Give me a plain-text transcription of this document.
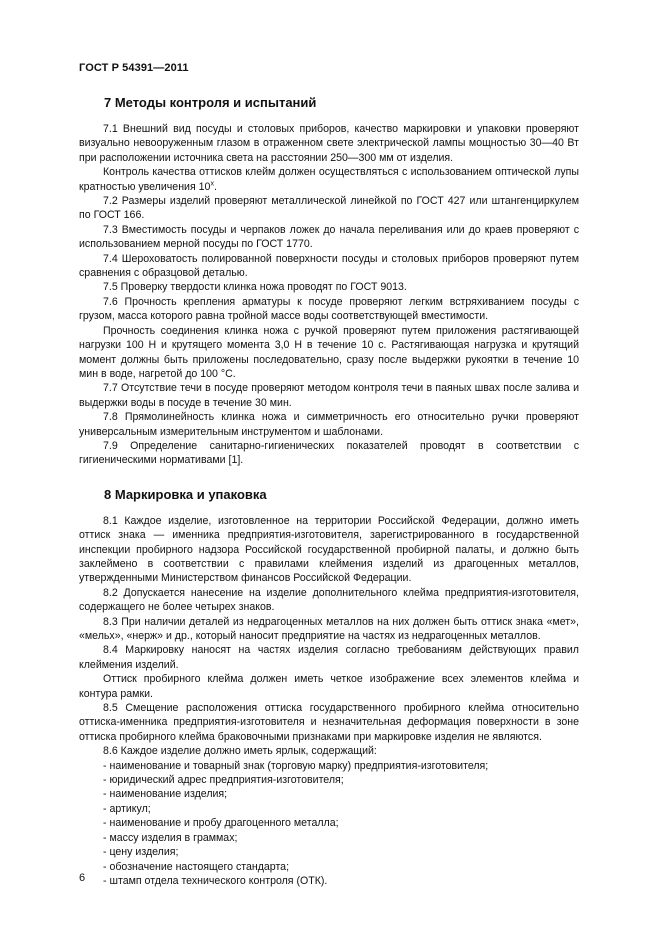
ГОСТ Р 54391—2011
7 Методы контроля и испытаний

7.1 Внешний вид посуды и столовых приборов, качество маркировки и упаковки проверяют визуально невооруженным глазом в отраженном свете электрической лампы мощностью 30—40 Вт при расположении источника света на расстоянии 250—300 мм от изделия.

Контроль качества оттисков клейм должен осуществляться с использованием оптической лупы кратностью увеличения $10^х$.

7.2 Размеры изделий проверяют металлической линейкой по ГОСТ 427 или штангенциркулем по ГОСТ 166.

7.3 Вместимость посуды и черпаков ложек до начала переливания или до краев проверяют с использованием мерной посуды по ГОСТ 1770.

7.4 Шероховатость полированной поверхности посуды и столовых приборов проверяют путем сравнения с образцовой деталью.

7.5 Проверку твердости клинка ножа проводят по ГОСТ 9013.

7.6 Прочность крепления арматуры к посуде проверяют легким встряхиванием посуды с грузом, масса которого равна тройной массе воды соответствующей вместимости.

Прочность соединения клинка ножа с ручкой проверяют путем приложения растягивающей нагрузки 100 Н и крутящего момента 3,0 Н в течение 10 с. Растягивающая нагрузка и крутящий момент должны быть приложены последовательно, сразу после выдержки рукоятки в течение 10 мин в воде, нагретой до 100 °С.

7.7 Отсутствие течи в посуде проверяют методом контроля течи в паяных швах после залива и выдержки воды в посуде в течение 30 мин.

7.8 Прямолинейность клинка ножа и симметричность его относительно ручки проверяют универсальным измерительным инструментом и шаблонами.

7.9 Определение санитарно-гигиенических показателей проводят в соответствии с гигиеническими нормативами [1].

8 Маркировка и упаковка

8.1 Каждое изделие, изготовленное на территории Российской Федерации, должно иметь оттиск знака — именника предприятия-изготовителя, зарегистрированного в государственной инспекции пробирного надзора Российской государственной пробирной палаты, и должно быть заклеймено в соответствии с правилами клеймения изделий из драгоценных металлов, утвержденными Министерством финансов Российской Федерации.

8.2 Допускается нанесение на изделие дополнительного клейма предприятия-изготовителя, содержащего не более четырех знаков.

8.3 При наличии деталей из недрагоценных металлов на них должен быть оттиск знака «мет», «мельх», «нерж» и др., который наносит предприятие на частях из недрагоценных металлов.

8.4 Маркировку наносят на частях изделия согласно требованиям действующих правил клеймения изделий.

Оттиск пробирного клейма должен иметь четкое изображение всех элементов клейма и контура рамки.

8.5 Смещение расположения оттиска государственного пробирного клейма относительно оттиска-именника предприятия-изготовителя и незначительная деформация поверхности в зоне оттиска пробирного клейма браковочными признаками при маркировке изделия не являются.

8.6 Каждое изделие должно иметь ярлык, содержащий:

- наименование и товарный знак (торговую марку) предприятия-изготовителя;
- юридический адрес предприятия-изготовителя;
- наименование изделия;
- артикул;
- наименование и пробу драгоценного металла;
- массу изделия в граммах;
- цену изделия;
- обозначение настоящего стандарта;
- штамп отдела технического контроля (ОТК).
6
